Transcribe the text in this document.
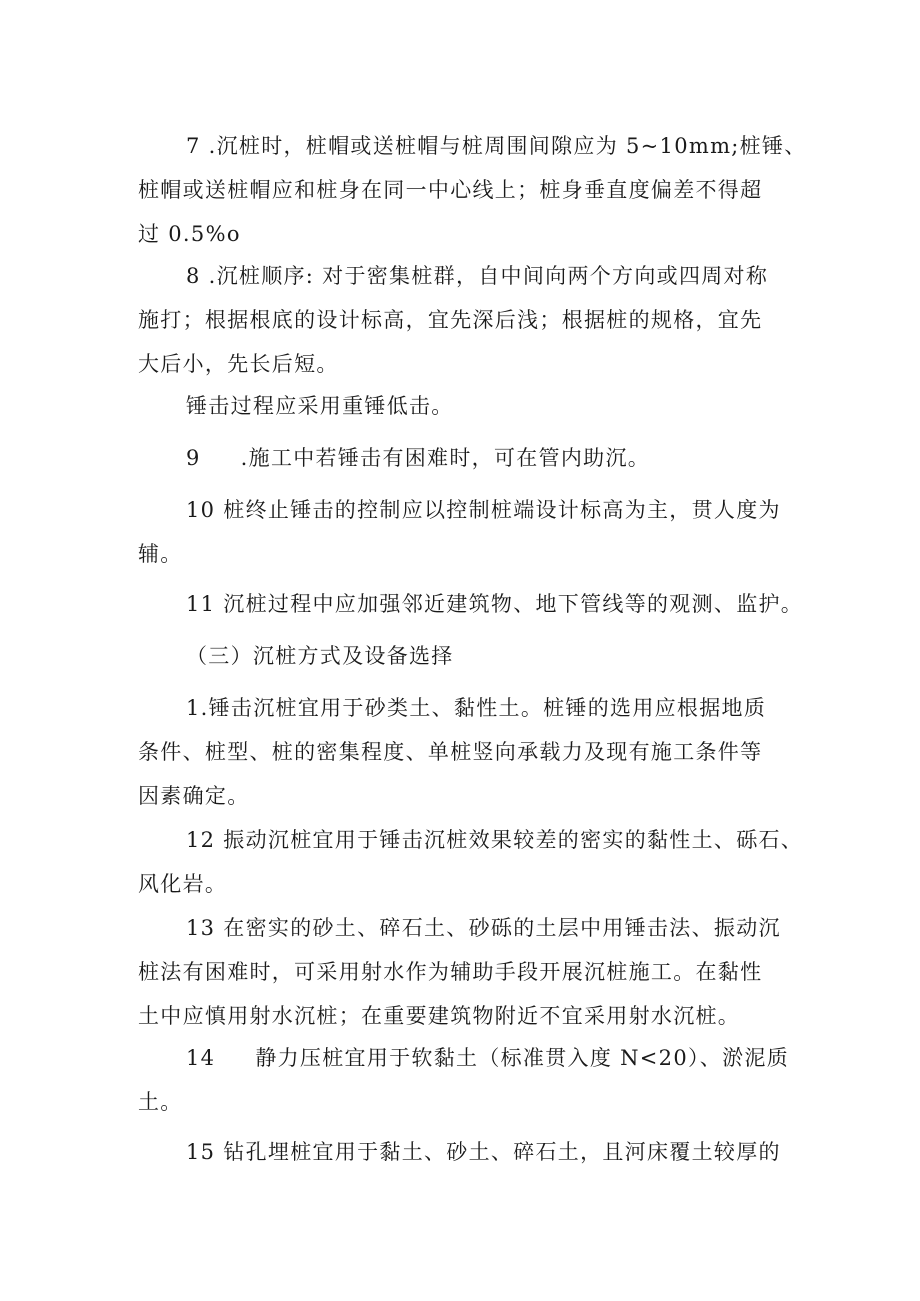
7 .沉桩时，桩帽或送桩帽与桩周围间隙应为 5~10mm;桩锤、
桩帽或送桩帽应和桩身在同一中心线上；桩身垂直度偏差不得超
过 0.5%o

8 .沉桩顺序: 对于密集桩群，自中间向两个方向或四周对称
施打；根据根底的设计标高，宜先深后浅；根据桩的规格，宜先
大后小，先长后短。

锤击过程应采用重锤低击。

9 .施工中若锤击有困难时，可在管内助沉。

10 桩终止锤击的控制应以控制桩端设计标高为主，贯人度为
辅。

11 沉桩过程中应加强邻近建筑物、地下管线等的观测、监护。

（三）沉桩方式及设备选择

1.锤击沉桩宜用于砂类土、黏性土。桩锤的选用应根据地质
条件、桩型、桩的密集程度、单桩竖向承载力及现有施工条件等
因素确定。

12 振动沉桩宜用于锤击沉桩效果较差的密实的黏性土、砾石、
风化岩。

13 在密实的砂土、碎石土、砂砾的土层中用锤击法、振动沉
桩法有困难时，可采用射水作为辅助手段开展沉桩施工。在黏性
土中应慎用射水沉桩；在重要建筑物附近不宜采用射水沉桩。

14 静力压桩宜用于软黏土（标准贯入度 N<20）、淤泥质
土。

15 钻孔埋桩宜用于黏土、砂土、碎石土，且河床覆土较厚的
